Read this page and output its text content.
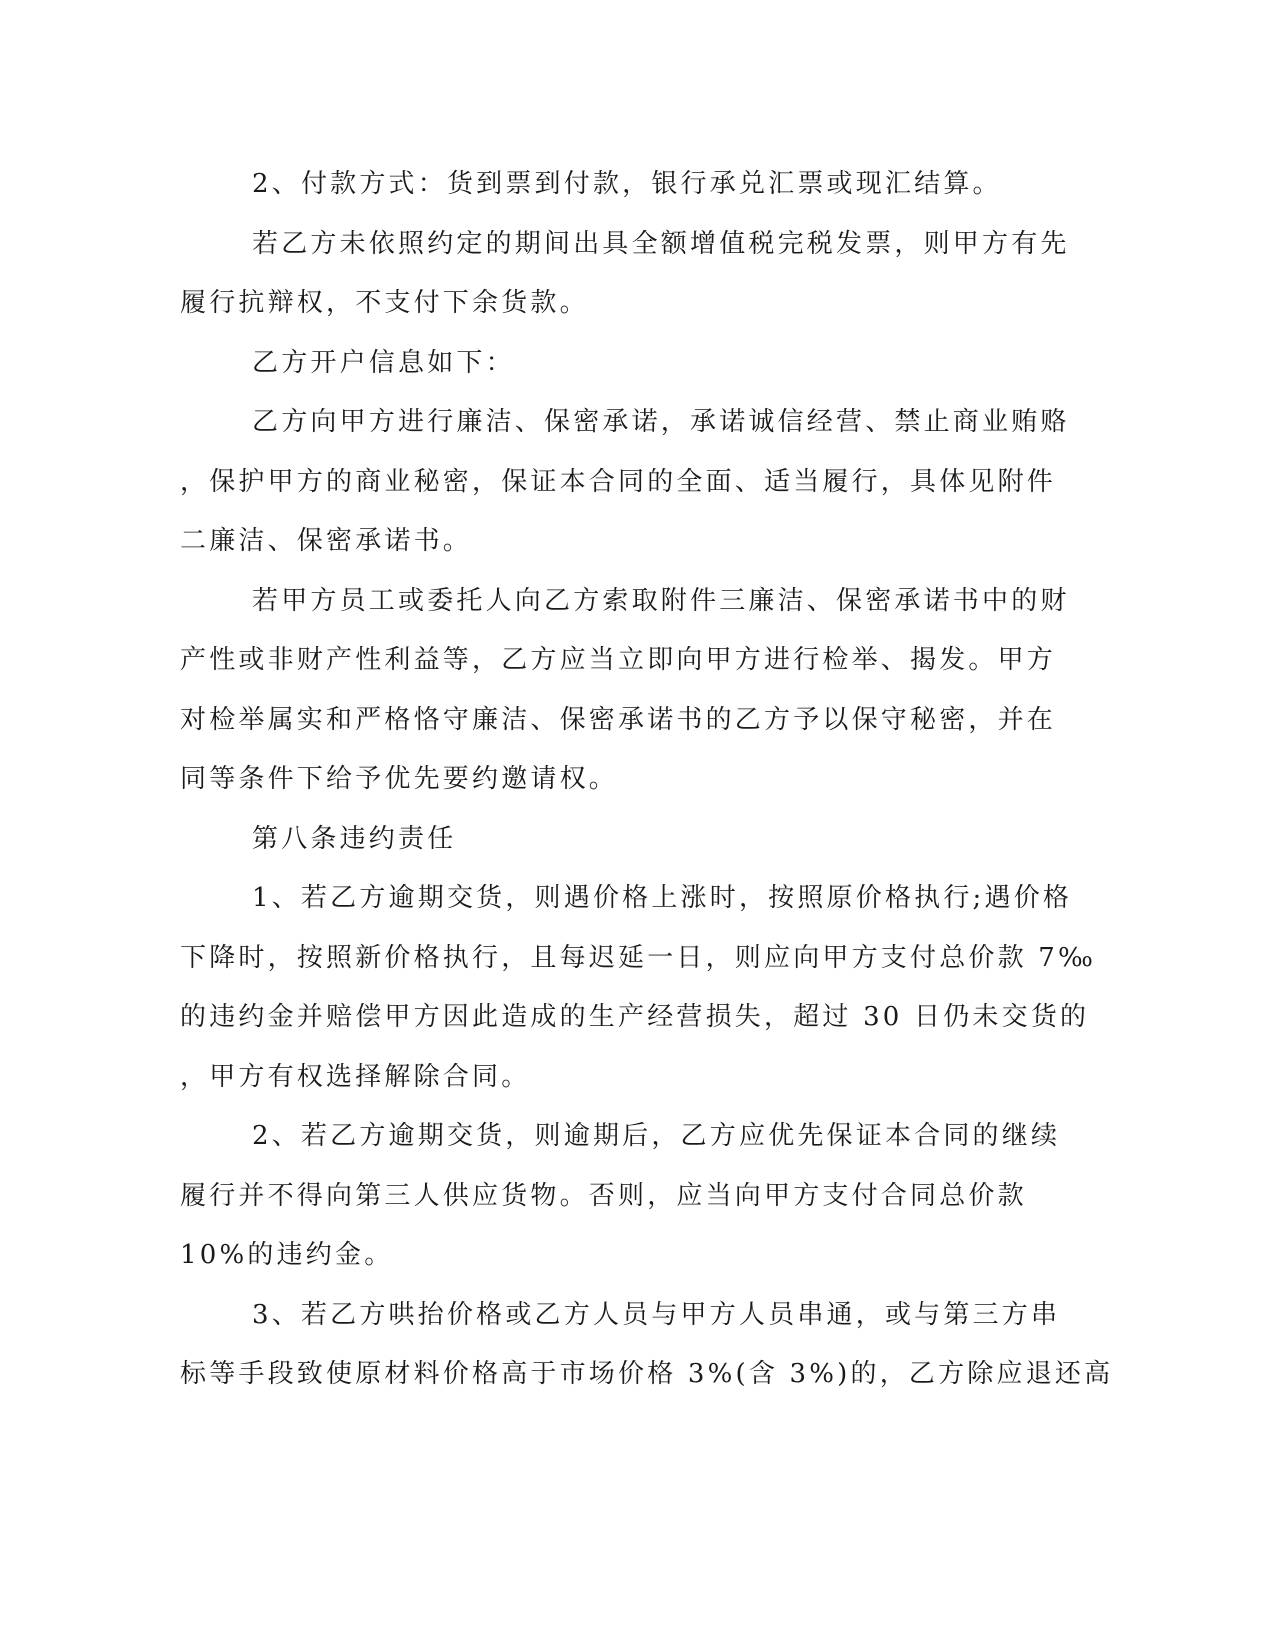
2、付款方式：货到票到付款，银行承兑汇票或现汇结算。

若乙方未依照约定的期间出具全额增值税完税发票，则甲方有先
履行抗辩权，不支付下余货款。

乙方开户信息如下：

乙方向甲方进行廉洁、保密承诺，承诺诚信经营、禁止商业贿赂
，保护甲方的商业秘密，保证本合同的全面、适当履行，具体见附件
二廉洁、保密承诺书。

若甲方员工或委托人向乙方索取附件三廉洁、保密承诺书中的财
产性或非财产性利益等，乙方应当立即向甲方进行检举、揭发。甲方
对检举属实和严格恪守廉洁、保密承诺书的乙方予以保守秘密，并在
同等条件下给予优先要约邀请权。

第八条违约责任

1、若乙方逾期交货，则遇价格上涨时，按照原价格执行;遇价格
下降时，按照新价格执行，且每迟延一日，则应向甲方支付总价款 7‰
的违约金并赔偿甲方因此造成的生产经营损失，超过 30 日仍未交货的
，甲方有权选择解除合同。

2、若乙方逾期交货，则逾期后，乙方应优先保证本合同的继续
履行并不得向第三人供应货物。否则，应当向甲方支付合同总价款
10%的违约金。

3、若乙方哄抬价格或乙方人员与甲方人员串通，或与第三方串
标等手段致使原材料价格高于市场价格 3%(含 3%)的，乙方除应退还高
